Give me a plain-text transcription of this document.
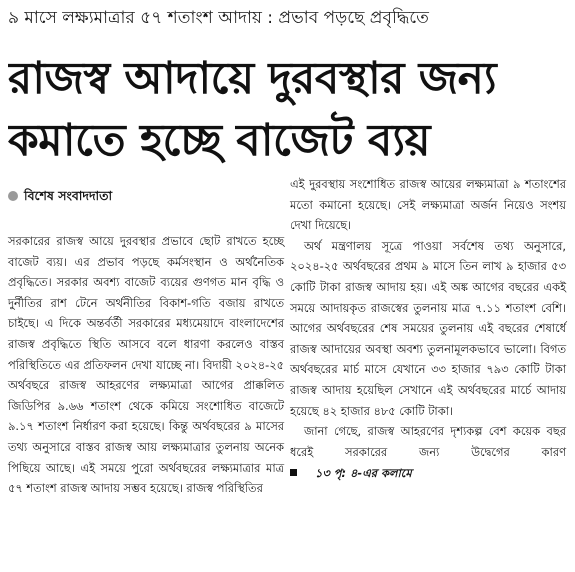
৯ মাসে লক্ষ্যমাত্রার ৫৭ শতাংশ আদায় : প্রভাব পড়ছে প্রবৃদ্ধিতে
রাজস্ব আদায়ে দুরবস্থার জন্য
কমাতে হচ্ছে বাজেট ব্যয়
বিশেষ সংবাদদাতা

সরকারের রাজস্ব আয়ে দুরবস্থার প্রভাবে ছোট রাখতে হচ্ছে বাজেট ব্যয়। এর প্রভাব পড়ছে কর্মসংস্থান ও অর্থনৈতিক প্রবৃদ্ধিতে। সরকার অবশ্য বাজেট ব্যয়ের গুণগত মান বৃদ্ধি ও দুর্নীতির রাশ টেনে অর্থনীতির বিকাশ-গতি বজায় রাখতে চাইছে। এ দিকে অন্তর্বর্তী সরকারের মধ্যমেয়াদে বাংলাদেশের রাজস্ব প্রবৃদ্ধিতে স্থিতি আসবে বলে ধারণা করলেও বাস্তব পরিস্থিতিতে এর প্রতিফলন দেখা যাচ্ছে না। বিদায়ী ২০২৪-২৫ অর্থবছরে রাজস্ব আহরণের লক্ষ্যমাত্রা আগের প্রাক্কলিত জিডিপির ৯.৬৬ শতাংশ থেকে কমিয়ে সংশোধিত বাজেটে ৯.১৭ শতাংশ নির্ধারণ করা হয়েছে। কিন্তু অর্থবছরের ৯ মাসের তথ্য অনুসারে বাস্তব রাজস্ব আয় লক্ষ্যমাত্রার তুলনায় অনেক পিছিয়ে আছে। এই সময়ে পুরো অর্থবছরের লক্ষ্যমাত্রার মাত্র ৫৭ শতাংশ রাজস্ব আদায় সম্ভব হয়েছে। রাজস্ব পরিস্থিতির

এই দুরবস্থায় সংশোধিত রাজস্ব আয়ের লক্ষ্যমাত্রা ৯ শতাংশের মতো কমানো হয়েছে। সেই লক্ষ্যমাত্রা অর্জন নিয়েও সংশয় দেখা দিয়েছে।

অর্থ মন্ত্রণালয় সূত্রে পাওয়া সর্বশেষ তথ্য অনুসারে, ২০২৪-২৫ অর্থবছরের প্রথম ৯ মাসে তিন লাখ ৯ হাজার ৫৩ কোটি টাকা রাজস্ব আদায় হয়। এই অঙ্ক আগের বছরের একই সময়ে আদায়কৃত রাজস্বের তুলনায় মাত্র ৭.১১ শতাংশ বেশি। আগের অর্থবছরের শেষ সময়ের তুলনায় এই বছরের শেষার্ধে রাজস্ব আদায়ের অবস্থা অবশ্য তুলনামূলকভাবে ভালো। বিগত অর্থবছরের মার্চ মাসে যেখানে ৩৩ হাজার ৭৯৩ কোটি টাকা রাজস্ব আদায় হয়েছিল সেখানে এই অর্থবছরের মার্চে আদায় হয়েছে ৪২ হাজার ৪৮৫ কোটি টাকা।

জানা গেছে, রাজস্ব আহরণের দৃশ্যকল্প বেশ কয়েক বছর ধরেই সরকারের জন্য উদ্বেগের কারণ
১৩ পৃ: ৪-এর কলামে
